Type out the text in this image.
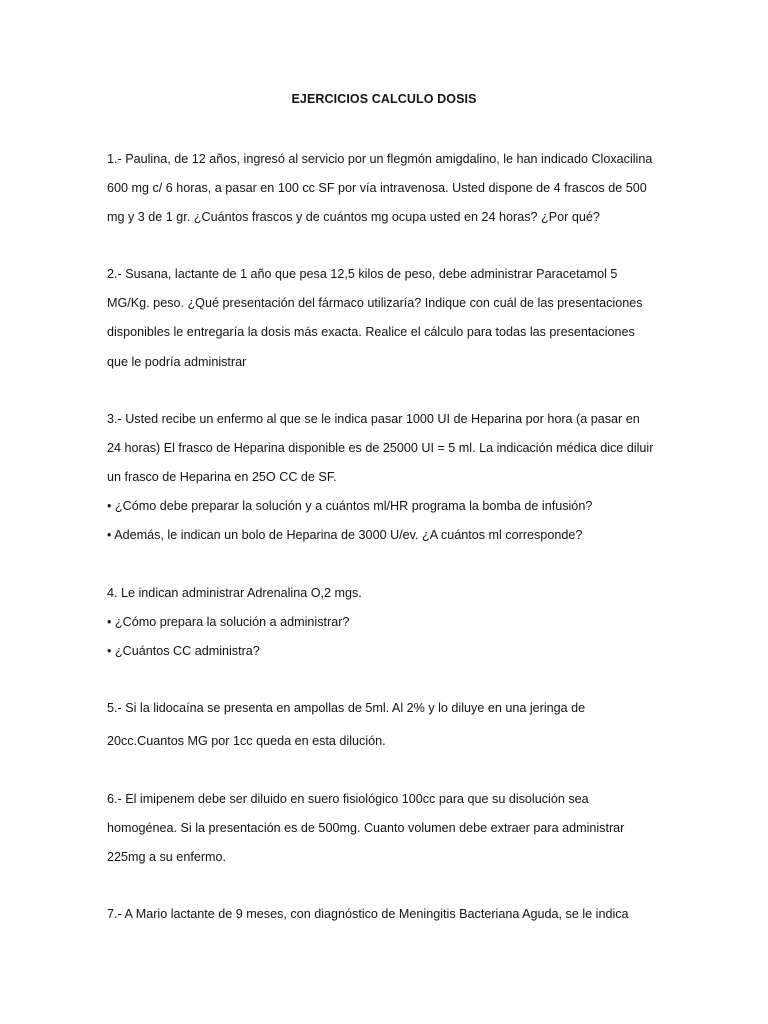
EJERCICIOS CALCULO DOSIS
1.- Paulina, de 12 años, ingresó al servicio por un flegmón amigdalino, le han indicado Cloxacilina
600 mg c/ 6 horas, a pasar en 100 cc SF por vía intravenosa. Usted dispone de 4 frascos de 500
mg y 3 de 1 gr. ¿Cuántos frascos y de cuántos mg ocupa usted en 24 horas? ¿Por qué?
2.- Susana, lactante de 1 año que pesa 12,5 kilos de peso, debe administrar Paracetamol 5
MG/Kg. peso. ¿Qué presentación del fármaco utilizaría? Indique con cuál de las presentaciones
disponibles le entregaría la dosis más exacta. Realice el cálculo para todas las presentaciones
que le podría administrar
3.- Usted recibe un enfermo al que se le indica pasar 1000 UI de Heparina por hora (a pasar en
24 horas) El frasco de Heparina disponible es de 25000 UI = 5 ml. La indicación médica dice diluir
un frasco de Heparina en 25O CC de SF.
• ¿Cómo debe preparar la solución y a cuántos ml/HR programa la bomba de infusión?
• Además, le indican un bolo de Heparina de 3000 U/ev. ¿A cuántos ml corresponde?
4. Le indican administrar Adrenalina O,2 mgs.
• ¿Cómo prepara la solución a administrar?
• ¿Cuántos CC administra?
5.- Si la lidocaína se presenta en ampollas de 5ml. Al 2% y lo diluye en una jeringa de
20cc.Cuantos MG por 1cc queda en esta dilución.
6.- El imipenem debe ser diluido en suero fisiológico 100cc para que su disolución sea
homogénea. Si la presentación es de 500mg. Cuanto volumen debe extraer para administrar
225mg a su enfermo.
7.- A Mario lactante de 9 meses, con diagnóstico de Meningitis Bacteriana Aguda, se le indica
